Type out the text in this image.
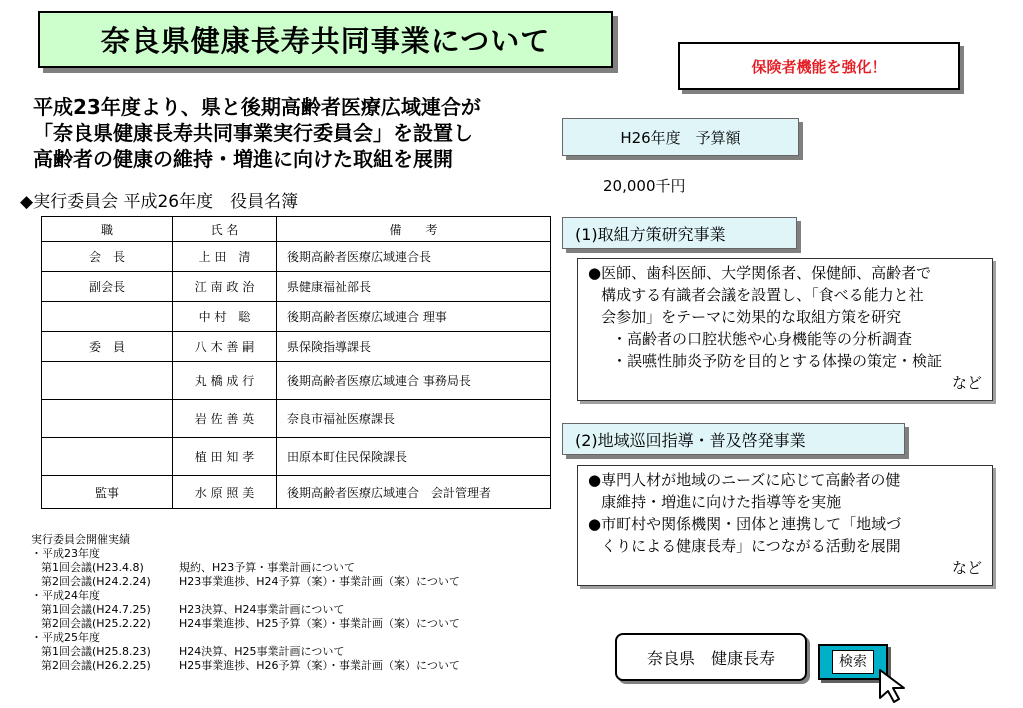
奈良県健康長寿共同事業について
保険者機能を強化！
平成23年度より、県と後期高齢者医療広域連合が
「奈良県健康長寿共同事業実行委員会」を設置し
高齢者の健康の維持・増進に向けた取組を展開
◆実行委員会 平成26年度　役員名簿
職	氏 名	備　　考
会　長	上 田　清	後期高齢者医療広域連合長
副会長	江 南 政 治	県健康福祉部長
	中 村　聡	後期高齢者医療広域連合 理事
委　員	八 木 善 嗣	県保険指導課長
	丸 橋 成 行	後期高齢者医療広域連合 事務局長
	岩 佐 善 英	奈良市福祉医療課長
	植 田 知 孝	田原本町住民保険課長
監事	水 原 照 美	後期高齢者医療広域連合　会計管理者
実行委員会開催実績
・平成23年度
第1回会議(H23.4.8)	規約、H23予算・事業計画について
第2回会議(H24.2.24)	H23事業進捗、H24予算（案）・事業計画（案）について
・平成24年度
第1回会議(H24.7.25)	H23決算、H24事業計画について
第2回会議(H25.2.22)	H24事業進捗、H25予算（案）・事業計画（案）について
・平成25年度
第1回会議(H25.8.23)	H24決算、H25事業計画について
第2回会議(H26.2.25)	H25事業進捗、H26予算（案）・事業計画（案）について
H26年度　予算額
20,000千円
(1)取組方策研究事業
● 医師、歯科医師、大学関係者、保健師、高齢者で
構成する有識者会議を設置し、「食べる能力と社
会参加」をテーマに効果的な取組方策を研究
・高齢者の口腔状態や心身機能等の分析調査
・誤嚥性肺炎予防を目的とする体操の策定・検証
など
(2)地域巡回指導・普及啓発事業
● 専門人材が地域のニーズに応じて高齢者の健
康維持・増進に向けた指導等を実施
● 市町村や関係機関・団体と連携して「地域づ
くりによる健康長寿」につながる活動を展開
など
奈良県　健康長寿	検索
